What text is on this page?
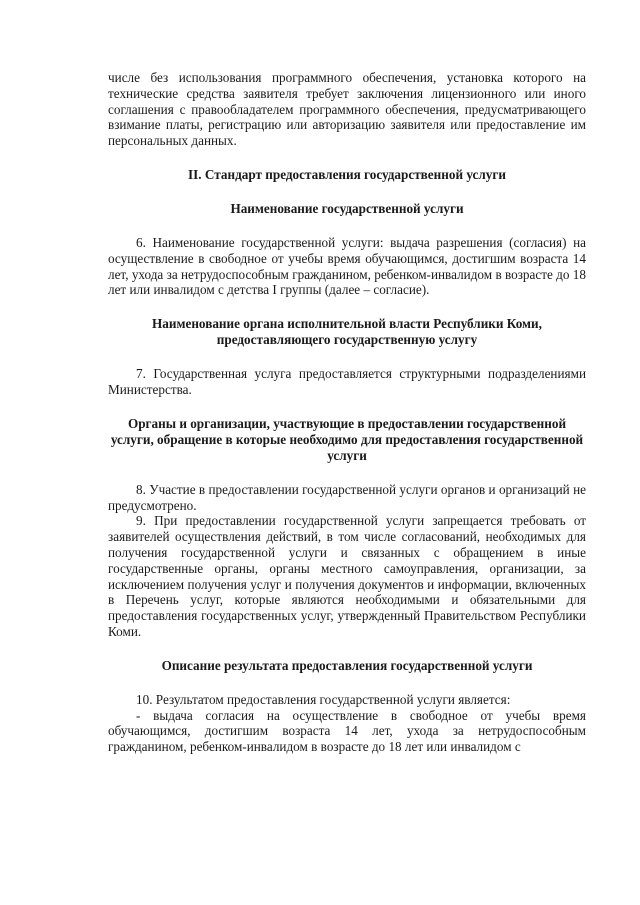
числе без использования программного обеспечения, установка которого на технические средства заявителя требует заключения лицензионного или иного соглашения с правообладателем программного обеспечения, предусматривающего взимание платы, регистрацию или авторизацию заявителя или предоставление им персональных данных.

II. Стандарт предоставления государственной услуги

Наименование государственной услуги

6. Наименование государственной услуги: выдача разрешения (согласия) на осуществление в свободное от учебы время обучающимся, достигшим возраста 14 лет, ухода за нетрудоспособным гражданином, ребенком-инвалидом в возрасте до 18 лет или инвалидом с детства I группы (далее – согласие).

Наименование органа исполнительной власти Республики Коми, предоставляющего государственную услугу

7. Государственная услуга предоставляется структурными подразделениями Министерства.

Органы и организации, участвующие в предоставлении государственной услуги, обращение в которые необходимо для предоставления государственной услуги

8. Участие в предоставлении государственной услуги органов и организаций не предусмотрено.

9. При предоставлении государственной услуги запрещается требовать от заявителей осуществления действий, в том числе согласований, необходимых для получения государственной услуги и связанных с обращением в иные государственные органы, органы местного самоуправления, организации, за исключением получения услуг и получения документов и информации, включенных в Перечень услуг, которые являются необходимыми и обязательными для предоставления государственных услуг, утвержденный Правительством Республики Коми.

Описание результата предоставления государственной услуги

10. Результатом предоставления государственной услуги является:

- выдача согласия на осуществление в свободное от учебы время обучающимся, достигшим возраста 14 лет, ухода за нетрудоспособным гражданином, ребенком-инвалидом в возрасте до 18 лет или инвалидом с
